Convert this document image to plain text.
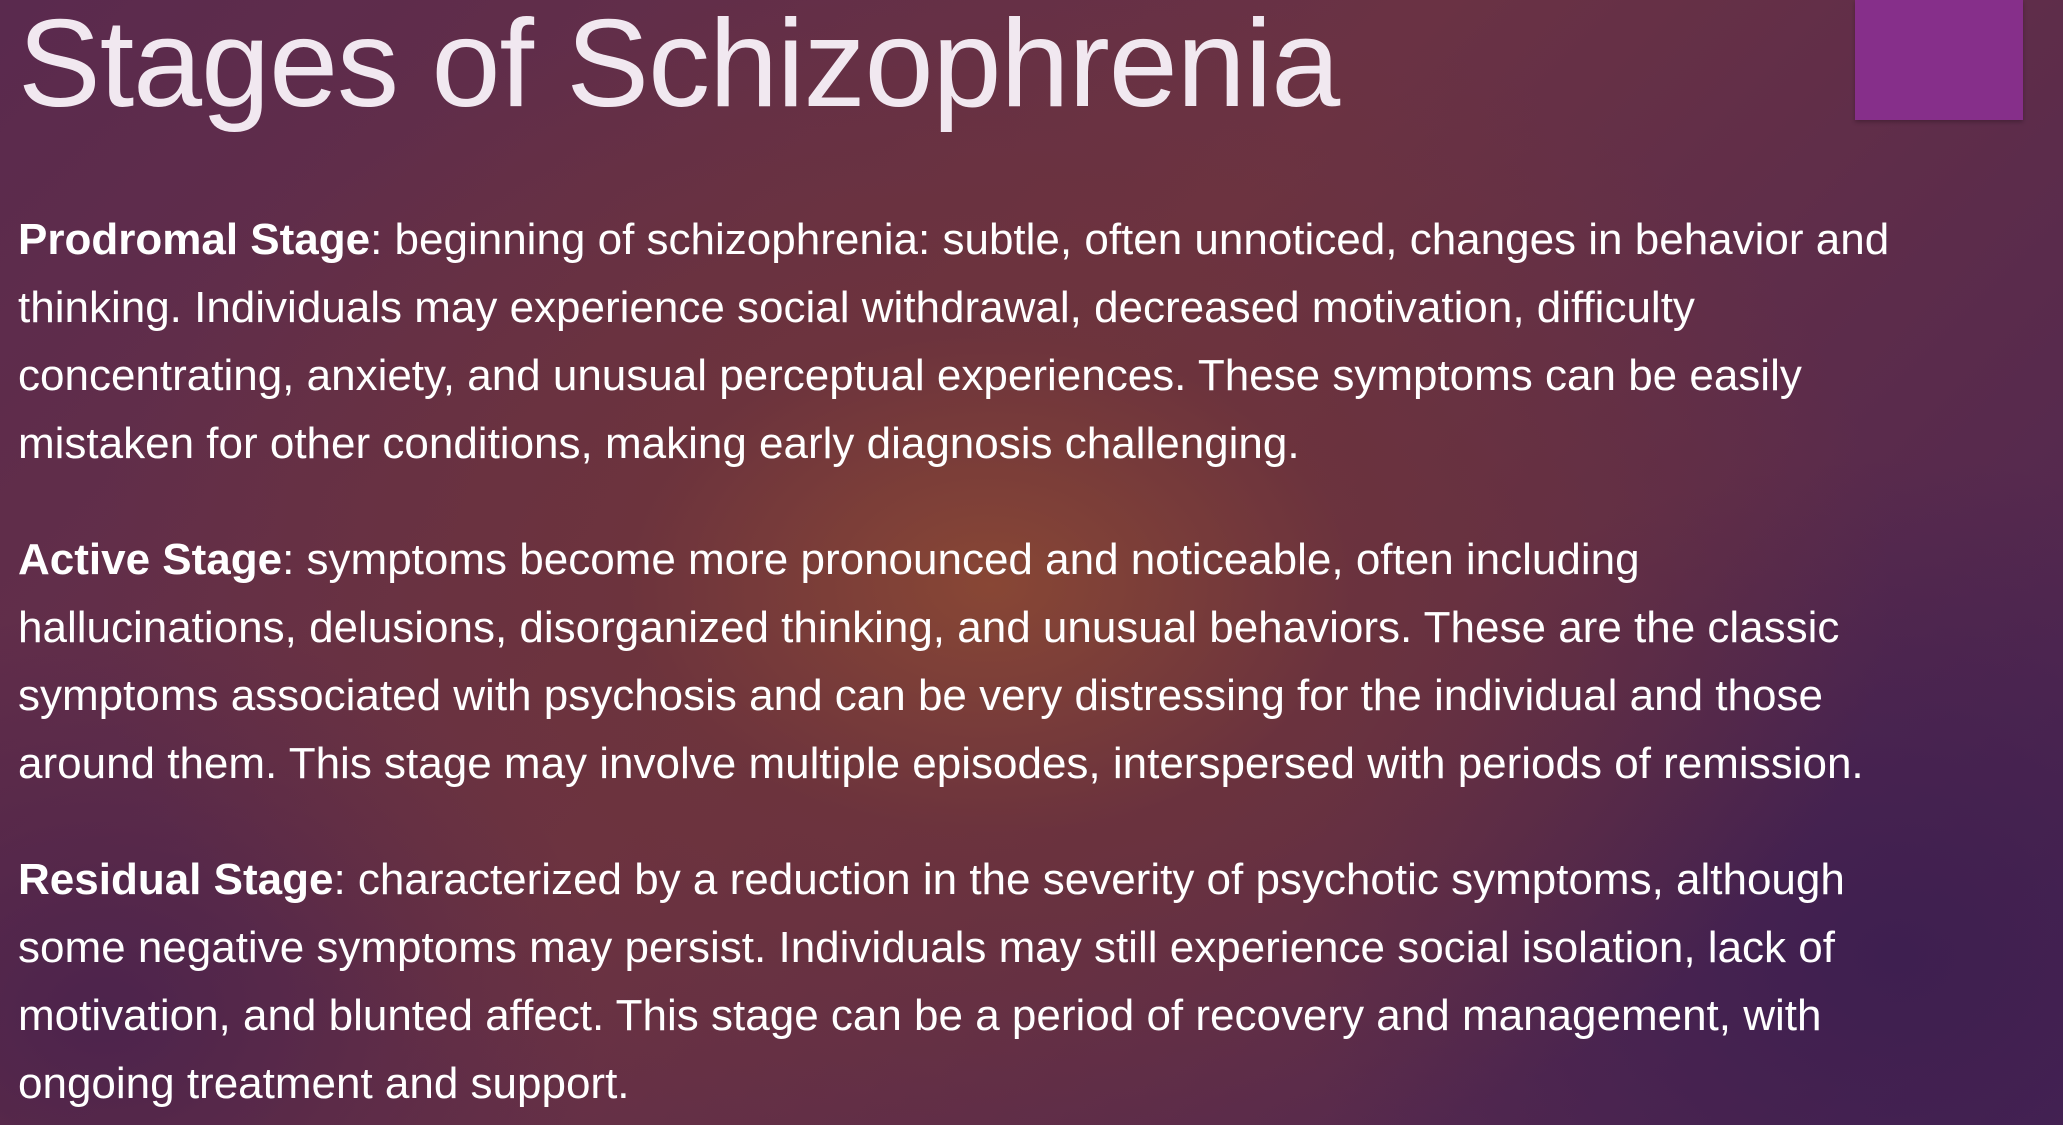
Stages of Schizophrenia

Prodromal Stage: beginning of schizophrenia: subtle, often unnoticed, changes in behavior and
thinking. Individuals may experience social withdrawal, decreased motivation, difficulty
concentrating, anxiety, and unusual perceptual experiences. These symptoms can be easily
mistaken for other conditions, making early diagnosis challenging.

Active Stage: symptoms become more pronounced and noticeable, often including
hallucinations, delusions, disorganized thinking, and unusual behaviors. These are the classic
symptoms associated with psychosis and can be very distressing for the individual and those
around them. This stage may involve multiple episodes, interspersed with periods of remission.

Residual Stage: characterized by a reduction in the severity of psychotic symptoms, although
some negative symptoms may persist. Individuals may still experience social isolation, lack of
motivation, and blunted affect. This stage can be a period of recovery and management, with
ongoing treatment and support.
